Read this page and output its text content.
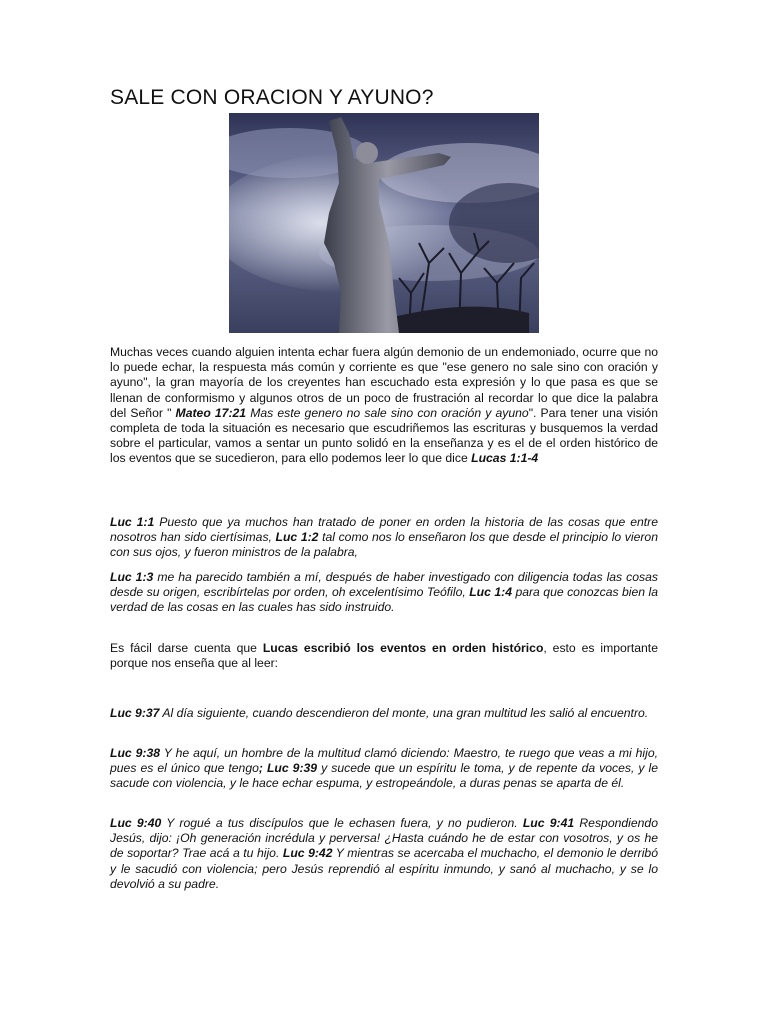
SALE CON ORACION Y AYUNO?
Muchas veces cuando alguien intenta echar fuera algún demonio de un endemoniado, ocurre que no lo puede echar, la respuesta más común y corriente es que "ese genero no sale sino con oración y ayuno", la gran mayoría de los creyentes han escuchado esta expresión y lo que pasa es que se llenan de conformismo y algunos otros de un poco de frustración al recordar lo que dice la palabra del Señor " Mateo 17:21 Mas este genero no sale sino con oración y ayuno". Para tener una visión completa de toda la situación es necesario que escudriñemos las escrituras y busquemos la verdad sobre el particular, vamos a sentar un punto solidó en la enseñanza y es el de el orden histórico de los eventos que se sucedieron, para ello podemos leer lo que dice Lucas 1:1-4
Luc 1:1 Puesto que ya muchos han tratado de poner en orden la historia de las cosas que entre nosotros han sido ciertísimas, Luc 1:2 tal como nos lo enseñaron los que desde el principio lo vieron con sus ojos, y fueron ministros de la palabra,
Luc 1:3 me ha parecido también a mí, después de haber investigado con diligencia todas las cosas desde su origen, escribírtelas por orden, oh excelentísimo Teófilo, Luc 1:4 para que conozcas bien la verdad de las cosas en las cuales has sido instruido.
Es fácil darse cuenta que Lucas escribió los eventos en orden histórico, esto es importante porque nos enseña que al leer:
Luc 9:37 Al día siguiente, cuando descendieron del monte, una gran multitud les salió al encuentro.
Luc 9:38 Y he aquí, un hombre de la multitud clamó diciendo: Maestro, te ruego que veas a mi hijo, pues es el único que tengo; Luc 9:39 y sucede que un espíritu le toma, y de repente da voces, y le sacude con violencia, y le hace echar espuma, y estropeándole, a duras penas se aparta de él.
Luc 9:40 Y rogué a tus discípulos que le echasen fuera, y no pudieron. Luc 9:41 Respondiendo Jesús, dijo: ¡Oh generación incrédula y perversa! ¿Hasta cuándo he de estar con vosotros, y os he de soportar? Trae acá a tu hijo. Luc 9:42 Y mientras se acercaba el muchacho, el demonio le derribó y le sacudió con violencia; pero Jesús reprendió al espíritu inmundo, y sanó al muchacho, y se lo devolvió a su padre.
